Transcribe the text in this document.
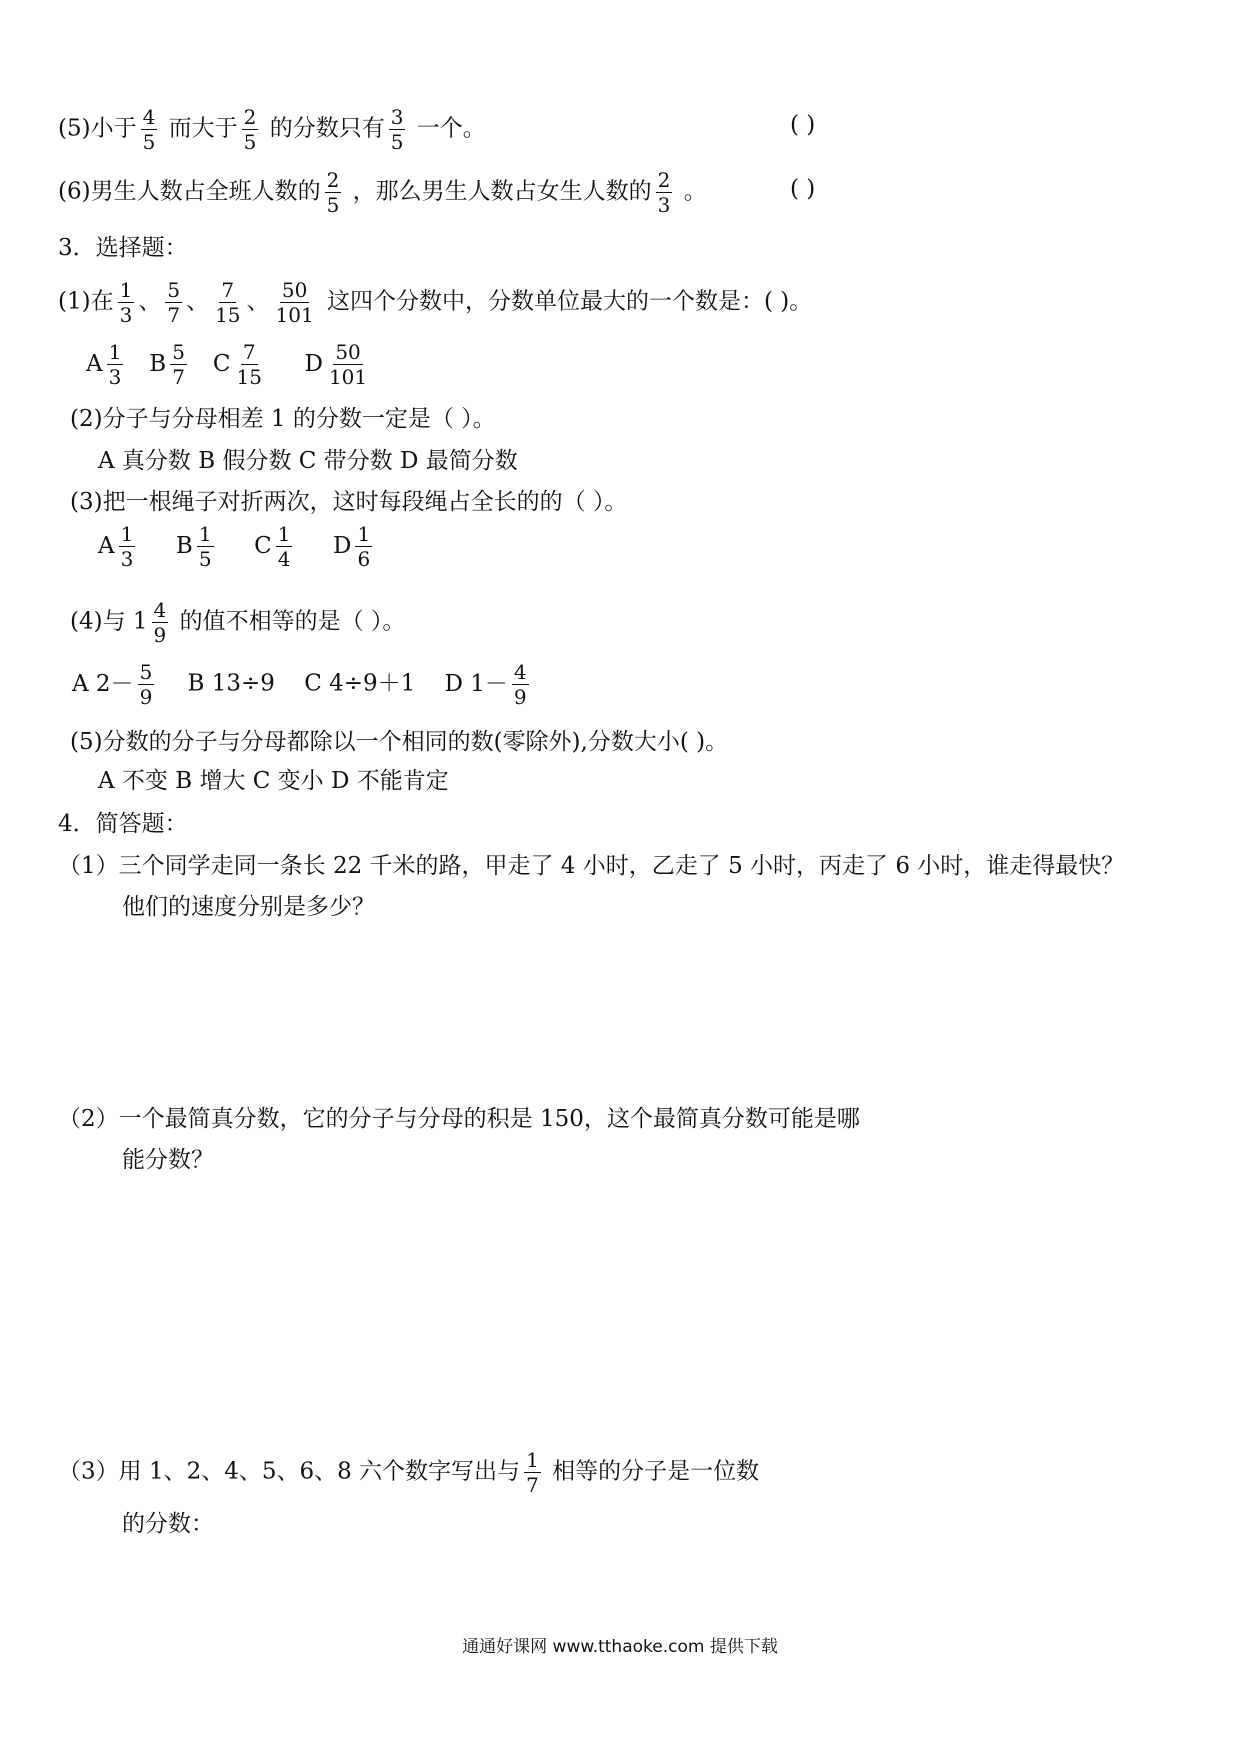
(5)小于 $\frac{4}{5}$ 而大于 $\frac{2}{5}$ 的分数只有 $\frac{3}{5}$ 一个。	( )
(6)男生人数占全班人数的 $\frac{2}{5}$ ，那么男生人数占女生人数的 $\frac{2}{3}$ 。	( )
3．选择题：
(1)在 $\frac{1}{3}$ 、 $\frac{5}{7}$ 、 $\frac{7}{15}$ 、 $\frac{50}{101}$ 这四个分数中，分数单位最大的一个数是：( )。
A $\frac{1}{3}$ B $\frac{5}{7}$ C $\frac{7}{15}$ D $\frac{50}{101}$
(2)分子与分母相差 1 的分数一定是（ ）。
A 真分数 B 假分数 C 带分数 D 最简分数
(3)把一根绳子对折两次，这时每段绳占全长的的（ ）。
A $\frac{1}{3}$ B $\frac{1}{5}$ C $\frac{1}{4}$ D $\frac{1}{6}$
(4)与 $1 \frac{4}{9}$ 的值不相等的是（ ）。
A $2- \frac{5}{9}$ B 13÷9 C 4÷9＋1 D $1- \frac{4}{9}$
(5)分数的分子与分母都除以一个相同的数(零除外),分数大小( )。
A 不变 B 增大 C 变小 D 不能肯定
4．简答题：
（1）三个同学走同一条长 22 千米的路，甲走了 4 小时，乙走了 5 小时，丙走了 6 小时，谁走得最快？
他们的速度分别是多少？
（2）一个最简真分数，它的分子与分母的积是 150，这个最简真分数可能是哪
能分数？
（3）用 1、2、4、5、6、8 六个数字写出与 $\frac{1}{7}$ 相等的分子是一位数
的分数：
通通好课网 www.tthaoke.com 提供下载
